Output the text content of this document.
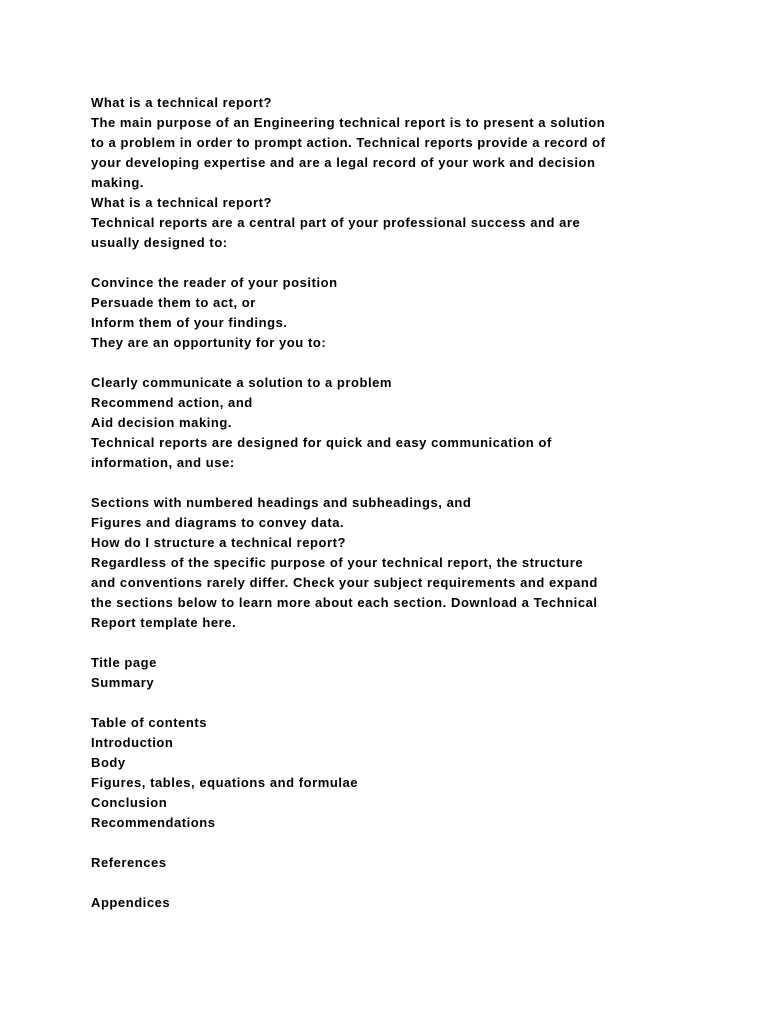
What is a technical report?
The main purpose of an Engineering technical report is to present a solution
to a problem in order to prompt action. Technical reports provide a record of
your developing expertise and are a legal record of your work and decision
making.
What is a technical report?
Technical reports are a central part of your professional success and are
usually designed to:
Convince the reader of your position
Persuade them to act, or
Inform them of your findings.
They are an opportunity for you to:
Clearly communicate a solution to a problem
Recommend action, and
Aid decision making.
Technical reports are designed for quick and easy communication of
information, and use:
Sections with numbered headings and subheadings, and
Figures and diagrams to convey data.
How do I structure a technical report?
Regardless of the specific purpose of your technical report, the structure
and conventions rarely differ. Check your subject requirements and expand
the sections below to learn more about each section. Download a Technical
Report template here.
Title page
Summary
Table of contents
Introduction
Body
Figures, tables, equations and formulae
Conclusion
Recommendations
References
Appendices
